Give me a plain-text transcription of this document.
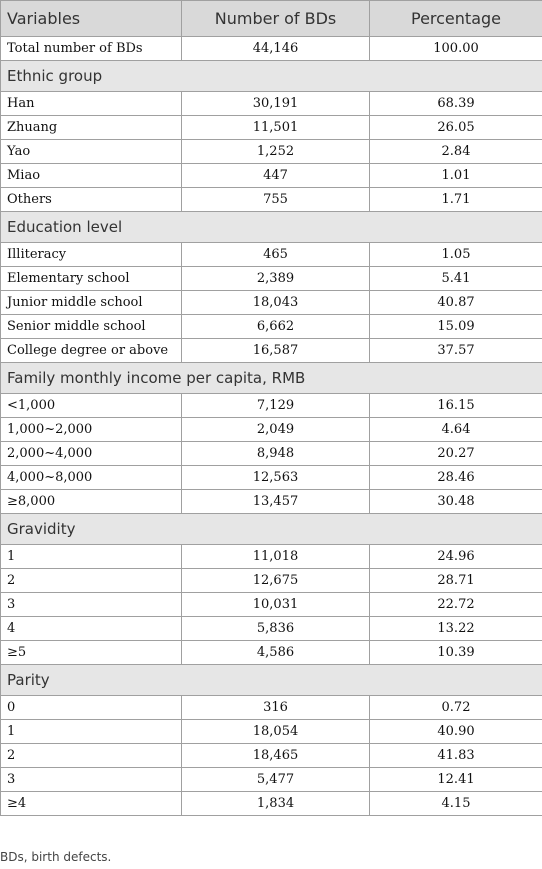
Variables	Number of BDs	Percentage
Total number of BDs	44,146	100.00
Ethnic group		
Han	30,191	68.39
Zhuang	11,501	26.05
Yao	1,252	2.84
Miao	447	1.01
Others	755	1.71
Education level		
Illiteracy	465	1.05
Elementary school	2,389	5.41
Junior middle school	18,043	40.87
Senior middle school	6,662	15.09
College degree or above	16,587	37.57
Family monthly income per capita, RMB		
<1,000	7,129	16.15
1,000~2,000	2,049	4.64
2,000~4,000	8,948	20.27
4,000~8,000	12,563	28.46
≥8,000	13,457	30.48
Gravidity		
1	11,018	24.96
2	12,675	28.71
3	10,031	22.72
4	5,836	13.22
≥5	4,586	10.39
Parity		
0	316	0.72
1	18,054	40.90
2	18,465	41.83
3	5,477	12.41
≥4	1,834	4.15
BDs, birth defects.
